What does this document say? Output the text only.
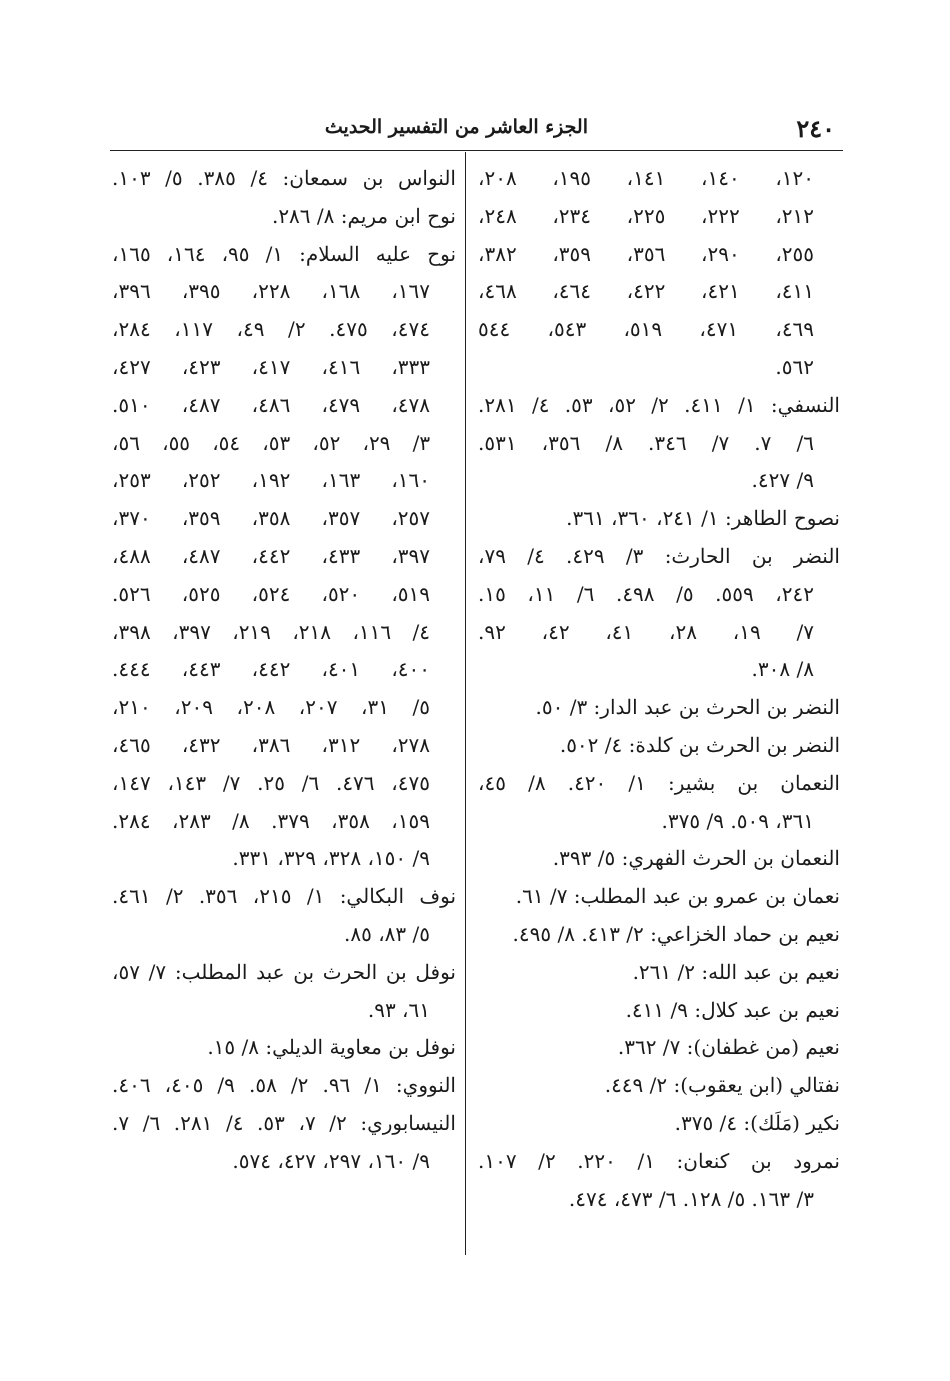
٢٤٠
الجزء العاشر من التفسير الحديث
١٢٠، ١٤٠، ١٤١، ١٩٥، ٢٠٨،
٢١٢، ٢٢٢، ٢٢٥، ٢٣٤، ٢٤٨،
٢٥٥، ٢٩٠، ٣٥٦، ٣٥٩، ٣٨٢،
٤١١، ٤٢١، ٤٢٢، ٤٦٤، ٤٦٨،
٤٦٩، ٤٧١، ٥١٩، ٥٤٣، ٥٤٤
٥٦٢.
النسفي: ١/ ٤١١. ٢/ ٥٢، ٥٣. ٤/ ٢٨١.
٦/ ٧. ٧/ ٣٤٦. ٨/ ٣٥٦، ٥٣١.
٩/ ٤٢٧.
نصوح الطاهر: ١/ ٢٤١، ٣٦٠، ٣٦١.
النضر بن الحارث: ٣/ ٤٢٩. ٤/ ٧٩،
٢٤٢، ٥٥٩. ٥/ ٤٩٨. ٦/ ١١، ١٥.
٧/ ١٩، ٢٨، ٤١، ٤٢، ٩٢.
٨/ ٣٠٨.
النضر بن الحرث بن عبد الدار: ٣/ ٥٠.
النضر بن الحرث بن كلدة: ٤/ ٥٠٢.
النعمان بن بشير: ١/ ٤٢٠. ٨/ ٤٥،
٣٦١، ٥٠٩. ٩/ ٣٧٥.
النعمان بن الحرث الفهري: ٥/ ٣٩٣.
نعمان بن عمرو بن عبد المطلب: ٧/ ٦١.
نعيم بن حماد الخزاعي: ٢/ ٤١٣. ٨/ ٤٩٥.
نعيم بن عبد الله: ٢/ ٢٦١.
نعيم بن عبد كلال: ٩/ ٤١١.
نعيم (من غطفان): ٧/ ٣٦٢.
نفتالي (ابن يعقوب): ٢/ ٤٤٩.
نكير (مَلَك): ٤/ ٣٧٥.
نمرود بن كنعان: ١/ ٢٢٠. ٢/ ١٠٧.
٣/ ١٦٣. ٥/ ١٢٨. ٦/ ٤٧٣، ٤٧٤.
النواس بن سمعان: ٤/ ٣٨٥. ٥/ ١٠٣.
نوح ابن مريم: ٨/ ٢٨٦.
نوح عليه السلام: ١/ ٩٥، ١٦٤، ١٦٥،
١٦٧، ١٦٨، ٢٢٨، ٣٩٥، ٣٩٦،
٤٧٤، ٤٧٥. ٢/ ٤٩، ١١٧، ٢٨٤،
٣٣٣، ٤١٦، ٤١٧، ٤٢٣، ٤٢٧،
٤٧٨، ٤٧٩، ٤٨٦، ٤٨٧، ٥١٠.
٣/ ٢٩، ٥٢، ٥٣، ٥٤، ٥٥، ٥٦،
١٦٠، ١٦٣، ١٩٢، ٢٥٢، ٢٥٣،
٢٥٧، ٣٥٧، ٣٥٨، ٣٥٩، ٣٧٠،
٣٩٧، ٤٣٣، ٤٤٢، ٤٨٧، ٤٨٨،
٥١٩، ٥٢٠، ٥٢٤، ٥٢٥، ٥٢٦.
٤/ ١١٦، ٢١٨، ٢١٩، ٣٩٧، ٣٩٨،
٤٠٠، ٤٠١، ٤٤٢، ٤٤٣، ٤٤٤.
٥/ ٣١، ٢٠٧، ٢٠٨، ٢٠٩، ٢١٠،
٢٧٨، ٣١٢، ٣٨٦، ٤٣٢، ٤٦٥،
٤٧٥، ٤٧٦. ٦/ ٢٥. ٧/ ١٤٣، ١٤٧،
١٥٩، ٣٥٨، ٣٧٩. ٨/ ٢٨٣، ٢٨٤.
٩/ ١٥٠، ٣٢٨، ٣٢٩، ٣٣١.
نوف البكالي: ١/ ٢١٥، ٣٥٦. ٢/ ٤٦١.
٥/ ٨٣، ٨٥.
نوفل بن الحرث بن عبد المطلب: ٧/ ٥٧،
٦١، ٩٣.
نوفل بن معاوية الديلي: ٨/ ١٥.
النووي: ١/ ٩٦. ٢/ ٥٨. ٩/ ٤٠٥، ٤٠٦.
النيسابوري: ٢/ ٧، ٥٣. ٤/ ٢٨١. ٦/ ٧.
٩/ ١٦٠، ٢٩٧، ٤٢٧، ٥٧٤.
